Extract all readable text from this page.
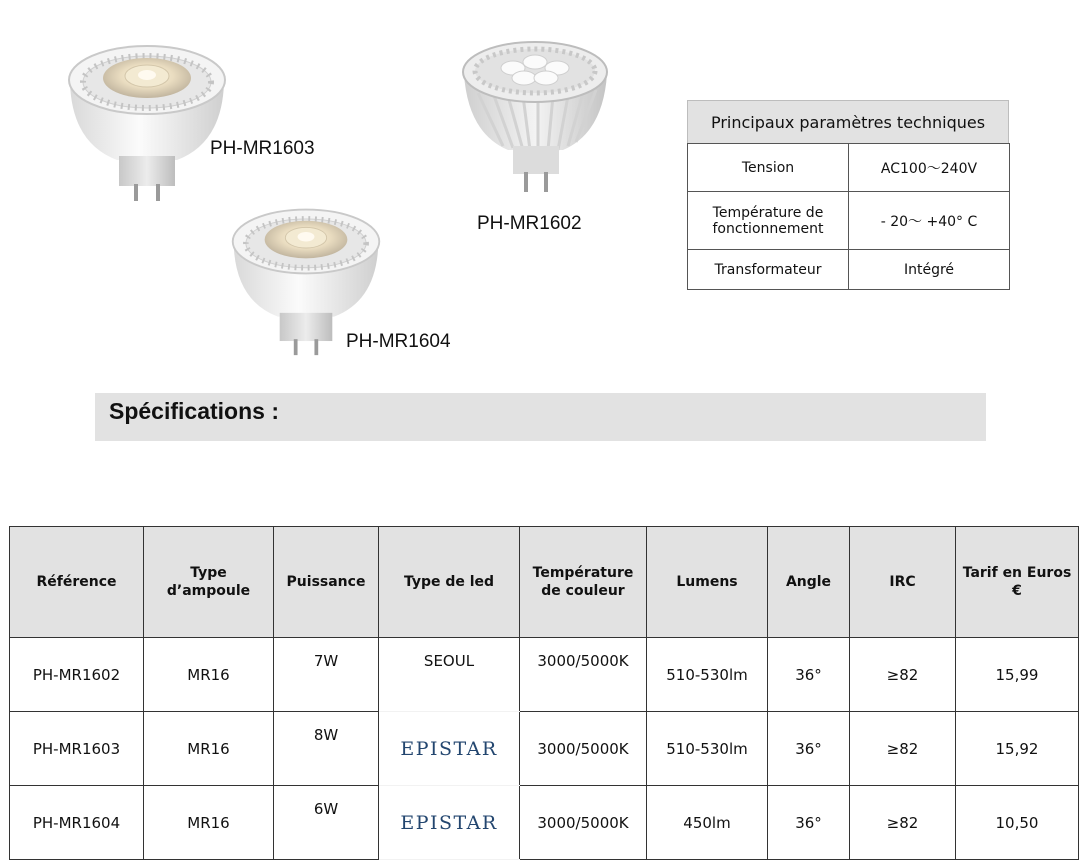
PH-MR1603
PH-MR1602
PH-MR1604
Principaux paramètres techniques
Tension	AC100～240V
Température de fonctionnement	- 20～ +40° C
Transformateur	Intégré
Spécifications :
Référence	Type d’ampoule	Puissance	Type de led	Température de couleur	Lumens	Angle	IRC	Tarif en Euros €
PH-MR1602	MR16	7W	SEOUL	3000/5000K	510-530lm	36°	≥82	15,99
PH-MR1603	MR16	8W	EPISTAR	3000/5000K	510-530lm	36°	≥82	15,92
PH-MR1604	MR16	6W	EPISTAR	3000/5000K	450lm	36°	≥82	10,50
